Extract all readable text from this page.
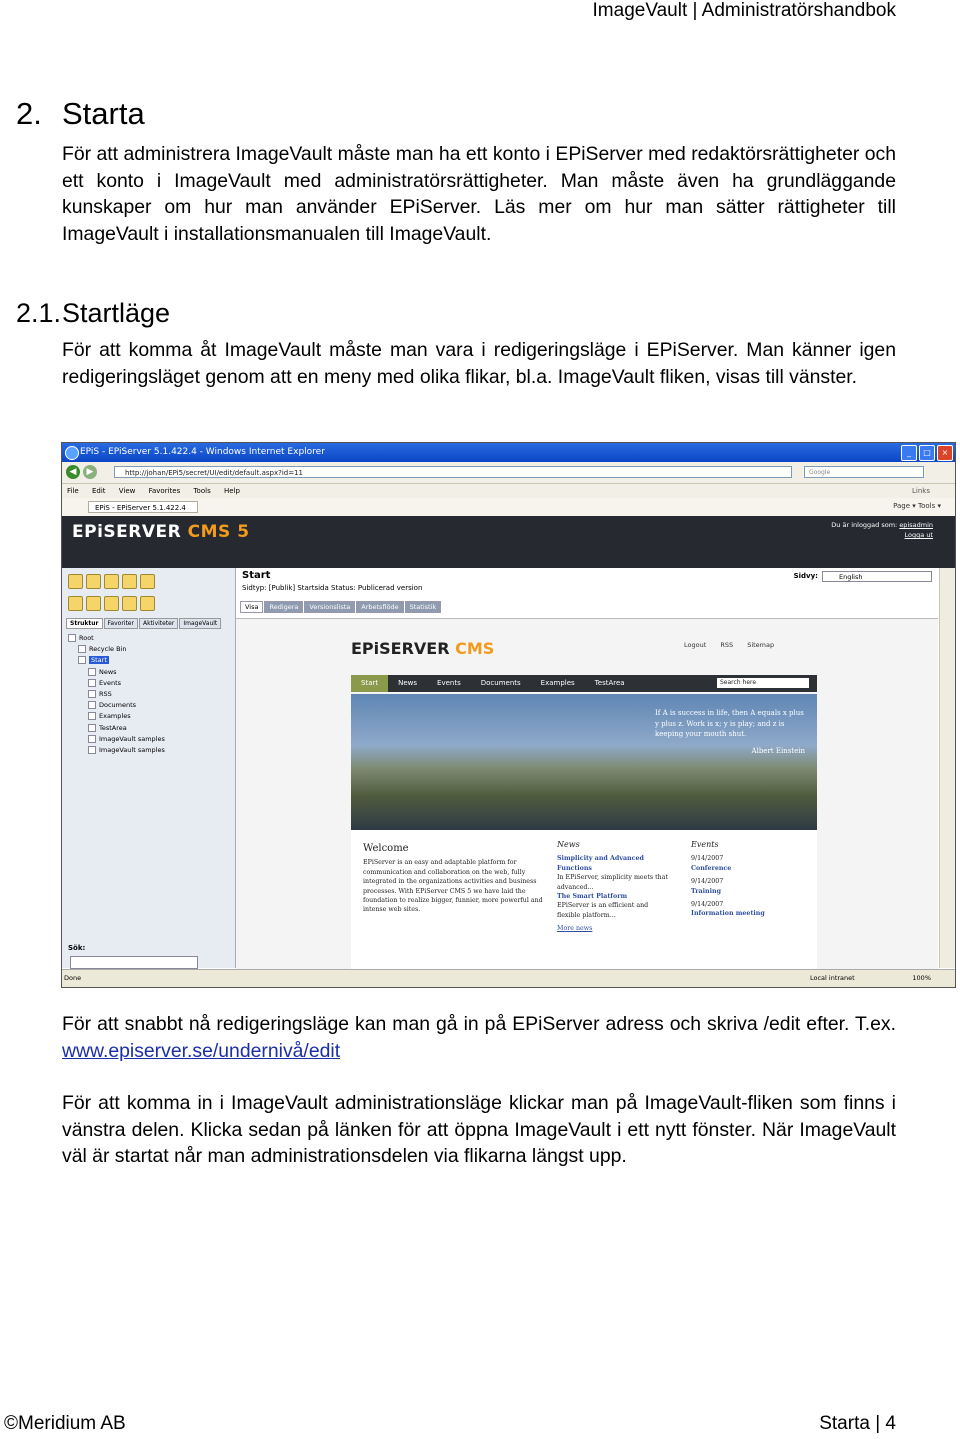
ImageVault | Administratörshandbok
2. Starta
För att administrera ImageVault måste man ha ett konto i EPiServer med redaktörsrättigheter och ett konto i ImageVault med administratörsrättigheter. Man måste även ha grundläggande kunskaper om hur man använder EPiServer. Läs mer om hur man sätter rättigheter till ImageVault i installationsmanualen till ImageVault.
2.1.Startläge
För att komma åt ImageVault måste man vara i redigeringsläge i EPiServer. Man känner igen redigeringsläget genom att en meny med olika flikar, bl.a. ImageVault fliken, visas till vänster.
EPiS - EPiServer 5.1.422.4 - Windows Internet Explorer	_	□	×
◀	▶	http://johan/EPi5/secret/UI/edit/default.aspx?id=11	Google
File Edit View Favorites Tools Help	Links
EPiS - EPiServer 5.1.422.4	Page ▾ Tools ▾
EPiSERVER CMS 5	Du är inloggad som: episadmin
Logga ut
Struktur	Favoriter	Aktiviteter	ImageVault
Root
Recycle Bin
Start
News
Events
RSS
Documents
Examples
TestArea
ImageVault samples
ImageVault samples
Sök:
Start
Sidtyp: [Publik] Startsida Status: Publicerad version
Sidvy:	English
Visa	Redigera	Versionslista	Arbetsflöde	Statistik
EPiSERVER CMS	Logout RSS Sitemap
Start	News	Events	Documents	Examples	TestArea	Search here
If A is success in life, then A equals x plus y plus z. Work is x; y is play; and z is keeping your mouth shut.
Albert Einstein
Welcome
EPiServer is an easy and adaptable platform for communication and collaboration on the web, fully integrated in the organizations activities and business processes. With EPiServer CMS 5 we have laid the foundation to realize bigger, funnier, more powerful and intense web sites.
News
Simplicity and Advanced Functions
In EPiServer, simplicity meets that advanced...
The Smart Platform
EPiServer is an efficient and flexible platform...
More news
Events
9/14/2007
Conference
9/14/2007
Training
9/14/2007
Information meeting
Done	Local intranet	100%
För att snabbt nå redigeringsläge kan man gå in på EPiServer adress och skriva /edit efter. T.ex. www.episerver.se/undernivå/edit
För att komma in i ImageVault administrationsläge klickar man på ImageVault-fliken som finns i vänstra delen. Klicka sedan på länken för att öppna ImageVault i ett nytt fönster. När ImageVault väl är startat når man administrationsdelen via flikarna längst upp.
©Meridium AB	Starta | 4
